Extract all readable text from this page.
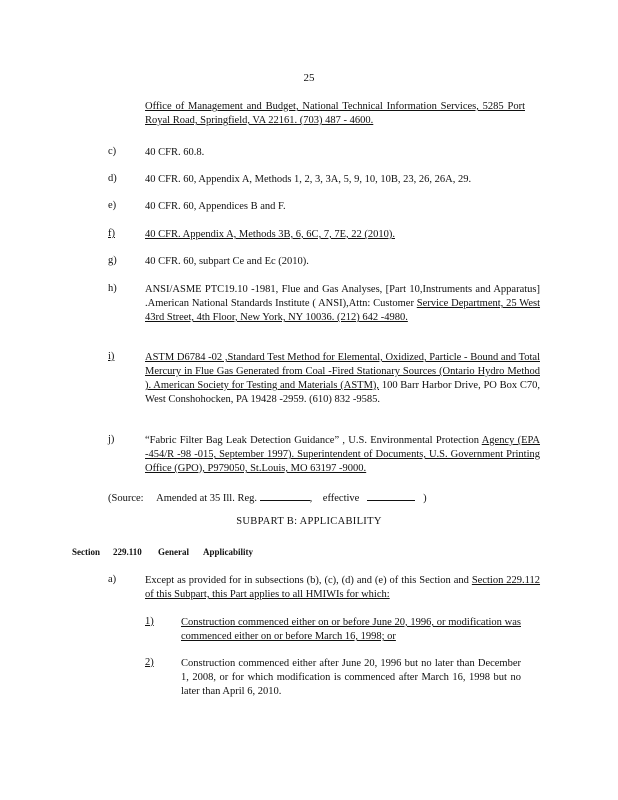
25
Office of Management and Budget, National Technical Information Services, 5285 Port Royal Road, Springfield, VA 22161. (703) 487 - 4600.
c)	40 CFR. 60.8.
d)	40 CFR. 60, Appendix A, Methods 1, 2, 3, 3A, 5, 9, 10, 10B, 23, 26, 26A, 29.
e)	40 CFR. 60, Appendices B and F.
f)	40 CFR. Appendix A, Methods 3B, 6, 6C, 7, 7E, 22 (2010).
g)	40 CFR. 60, subpart Ce and Ec (2010).
h)	ANSI/ASME PTC19.10 -1981, Flue and Gas Analyses, [Part 10,Instruments and Apparatus] .American National Standards Institute ( ANSI),Attn: Customer Service Department, 25 West 43rd Street, 4th Floor, New York, NY 10036. (212) 642 -4980.
i)	ASTM D6784 -02 ,Standard Test Method for Elemental, Oxidized, Particle - Bound and Total Mercury in Flue Gas Generated from Coal -Fired Stationary Sources (Ontario Hydro Method ). American Society for Testing and Materials (ASTM), 100 Barr Harbor Drive, PO Box C70, West Conshohocken, PA 19428 -2959. (610) 832 -9585.
j)	“Fabric Filter Bag Leak Detection Guidance” , U.S. Environmental Protection Agency (EPA -454/R -98 -015, September 1997). Superintendent of Documents, U.S. Government Printing Office (GPO), P979050, St.Louis, MO 63197 -9000.
(Source: Amended at 35 Ill. Reg.	,    effective	)
SUBPART B: APPLICABILITY
Section 229.110 General Applicability
a)	Except as provided for in subsections (b), (c), (d) and (e) of this Section and Section 229.112 of this Subpart, this Part applies to all HMIWIs for which:
1)	Construction commenced either on or before June 20, 1996, or modification was commenced either on or before March 16, 1998; or
2)	Construction commenced either after June 20, 1996 but no later than December 1, 2008, or for which modification is commenced after March 16, 1998 but no later than April 6, 2010.
